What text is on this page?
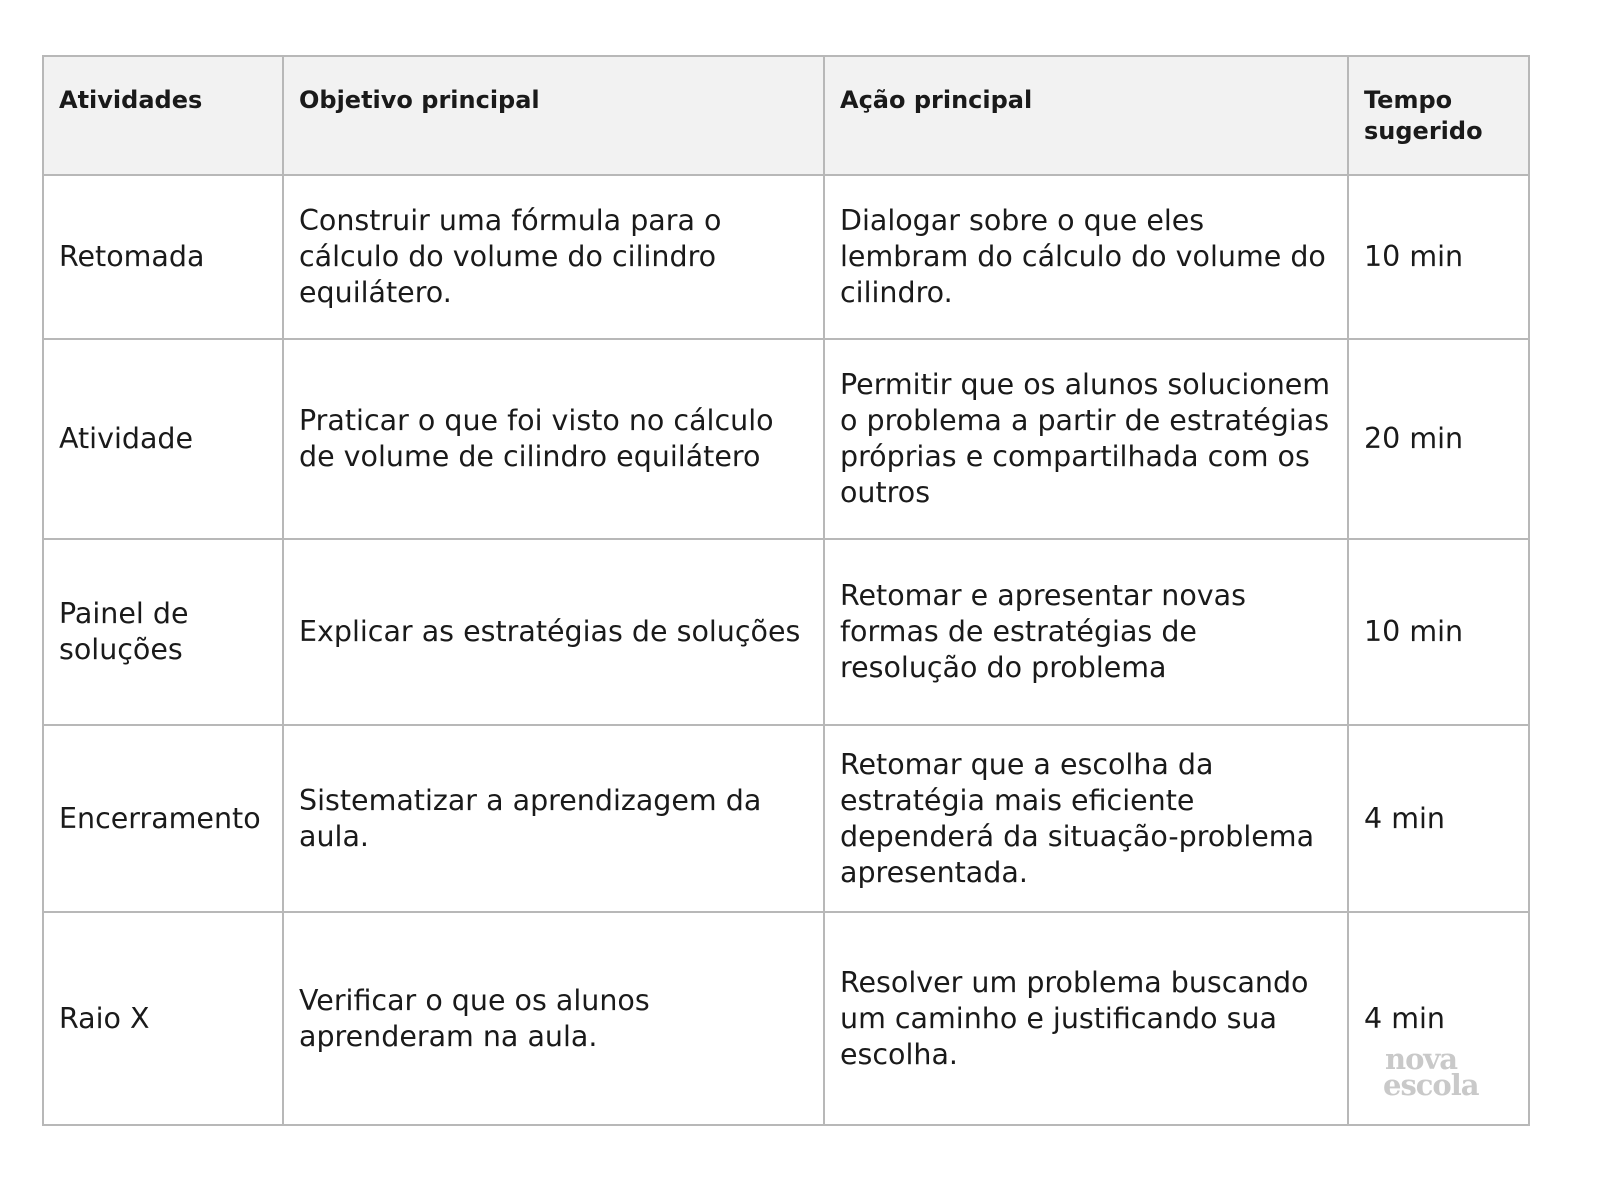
Atividades	Objetivo principal	Ação principal	Tempo sugerido
Retomada	Construir uma fórmula para o cálculo do volume do cilindro equilátero.	Dialogar sobre o que eles lembram do cálculo do volume do cilindro.	10 min
Atividade	Praticar o que foi visto no cálculo de volume de cilindro equilátero	Permitir que os alunos solucionem o problema a partir de estratégias próprias e compartilhada com os outros	20 min
Painel de soluções	Explicar as estratégias de soluções	Retomar e apresentar novas formas de estratégias de resolução do problema	10 min
Encerramento	Sistematizar a aprendizagem da aula.	Retomar que a escolha da estratégia mais eficiente dependerá da situação-problema apresentada.	4 min
Raio X	Verificar o que os alunos aprenderam na aula.	Resolver um problema buscando um caminho e justificando sua escolha.	4 min
nova
escola
